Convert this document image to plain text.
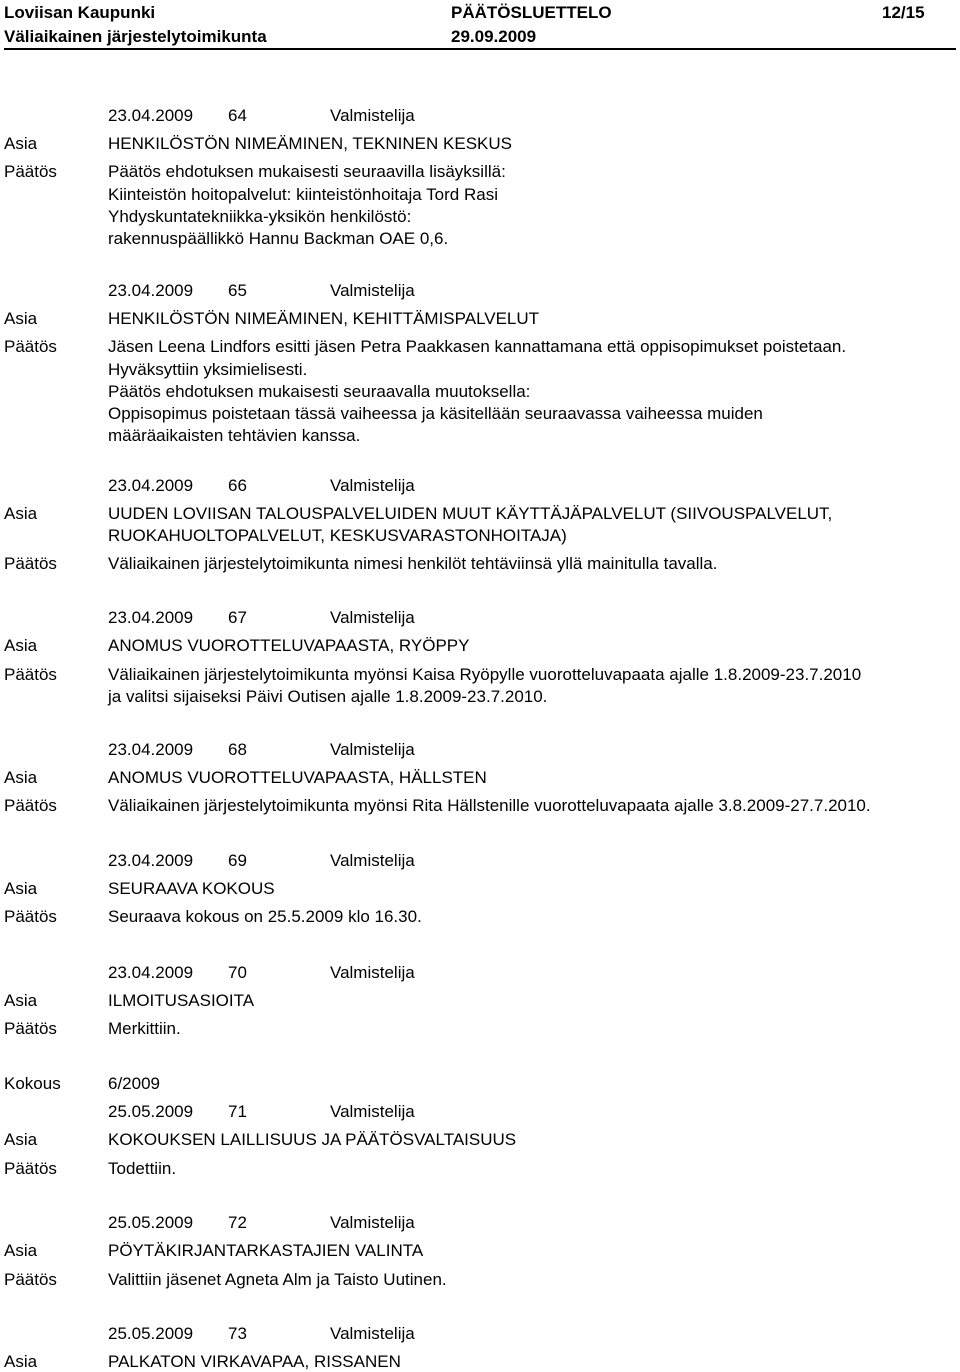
Loviisan Kaupunki	PÄÄTÖSLUETTELO	12/15
Väliaikainen järjestelytoimikunta	29.09.2009
23.04.2009 64	Valmistelija
Asia	HENKILÖSTÖN NIMEÄMINEN, TEKNINEN KESKUS
Päätös	Päätös ehdotuksen mukaisesti seuraavilla lisäyksillä:
Kiinteistön hoitopalvelut: kiinteistönhoitaja Tord Rasi
Yhdyskuntatekniikka-yksikön henkilöstö:
rakennuspäällikkö Hannu Backman OAE 0,6.
23.04.2009 65	Valmistelija
Asia	HENKILÖSTÖN NIMEÄMINEN, KEHITTÄMISPALVELUT
Päätös	Jäsen Leena Lindfors esitti jäsen Petra Paakkasen kannattamana että oppisopimukset poistetaan.
Hyväksyttiin yksimielisesti.
Päätös ehdotuksen mukaisesti seuraavalla muutoksella:
Oppisopimus poistetaan tässä vaiheessa ja käsitellään seuraavassa vaiheessa muiden
määräaikaisten tehtävien kanssa.
23.04.2009 66	Valmistelija
Asia	UUDEN LOVIISAN TALOUSPALVELUIDEN MUUT KÄYTTÄJÄPALVELUT (SIIVOUSPALVELUT,
RUOKAHUOLTOPALVELUT, KESKUSVARASTONHOITAJA)
Päätös	Väliaikainen järjestelytoimikunta nimesi henkilöt tehtäviinsä yllä mainitulla tavalla.
23.04.2009 67	Valmistelija
Asia	ANOMUS VUOROTTELUVAPAASTA, RYÖPPY
Päätös	Väliaikainen järjestelytoimikunta myönsi Kaisa Ryöpylle vuorotteluvapaata ajalle 1.8.2009-23.7.2010
ja valitsi sijaiseksi Päivi Outisen ajalle 1.8.2009-23.7.2010.
23.04.2009 68	Valmistelija
Asia	ANOMUS VUOROTTELUVAPAASTA, HÄLLSTEN
Päätös	Väliaikainen järjestelytoimikunta myönsi Rita Hällstenille vuorotteluvapaata ajalle 3.8.2009-27.7.2010.
23.04.2009 69	Valmistelija
Asia	SEURAAVA KOKOUS
Päätös	Seuraava kokous on 25.5.2009 klo 16.30.
23.04.2009 70	Valmistelija
Asia	ILMOITUSASIOITA
Päätös	Merkittiin.
Kokous	6/2009
25.05.2009 71	Valmistelija
Asia	KOKOUKSEN LAILLISUUS JA PÄÄTÖSVALTAISUUS
Päätös	Todettiin.
25.05.2009 72	Valmistelija
Asia	PÖYTÄKIRJANTARKASTAJIEN VALINTA
Päätös	Valittiin jäsenet Agneta Alm ja Taisto Uutinen.
25.05.2009 73	Valmistelija
Asia	PALKATON VIRKAVAPAA, RISSANEN
